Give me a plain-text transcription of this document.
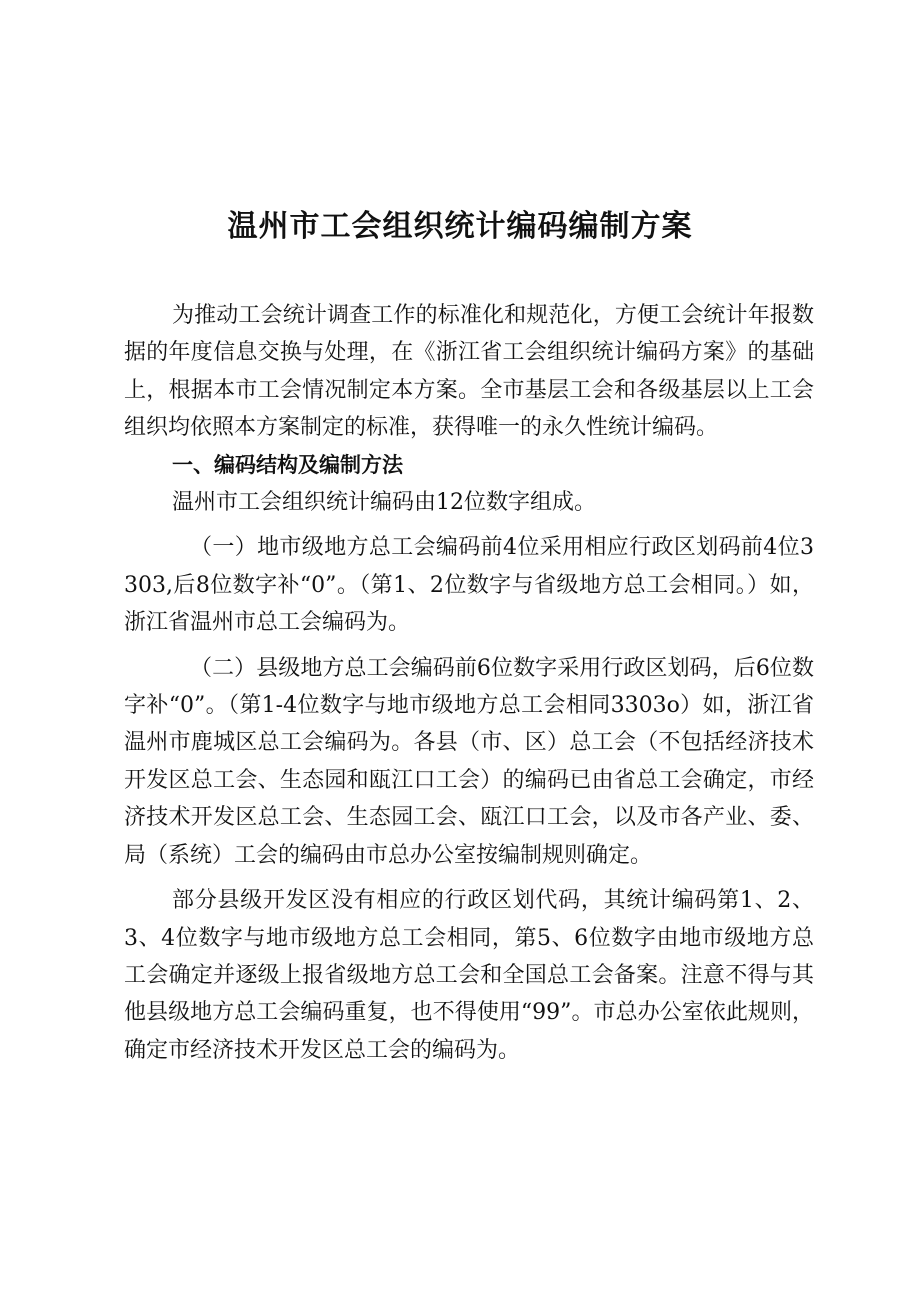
温州市工会组织统计编码编制方案

为推动工会统计调查工作的标准化和规范化，方便工会统计年报数据的年度信息交换与处理，在《浙江省工会组织统计编码方案》的基础上，根据本市工会情况制定本方案。全市基层工会和各级基层以上工会组织均依照本方案制定的标准，获得唯一的永久性统计编码。

一、编码结构及编制方法

温州市工会组织统计编码由12位数字组成。

（一）地市级地方总工会编码前4位采用相应行政区划码前4位3303,后8位数字补“0”。（第1、2位数字与省级地方总工会相同。）如，浙江省温州市总工会编码为。

（二）县级地方总工会编码前6位数字采用行政区划码，后6位数字补“0”。（第1-4位数字与地市级地方总工会相同3303o）如，浙江省温州市鹿城区总工会编码为。各县（市、区）总工会（不包括经济技术开发区总工会、生态园和瓯江口工会）的编码已由省总工会确定，市经济技术开发区总工会、生态园工会、瓯江口工会，以及市各产业、委、局（系统）工会的编码由市总办公室按编制规则确定。

部分县级开发区没有相应的行政区划代码，其统计编码第1、2、3、4位数字与地市级地方总工会相同，第5、6位数字由地市级地方总工会确定并逐级上报省级地方总工会和全国总工会备案。注意不得与其他县级地方总工会编码重复，也不得使用“99”。市总办公室依此规则，确定市经济技术开发区总工会的编码为。
